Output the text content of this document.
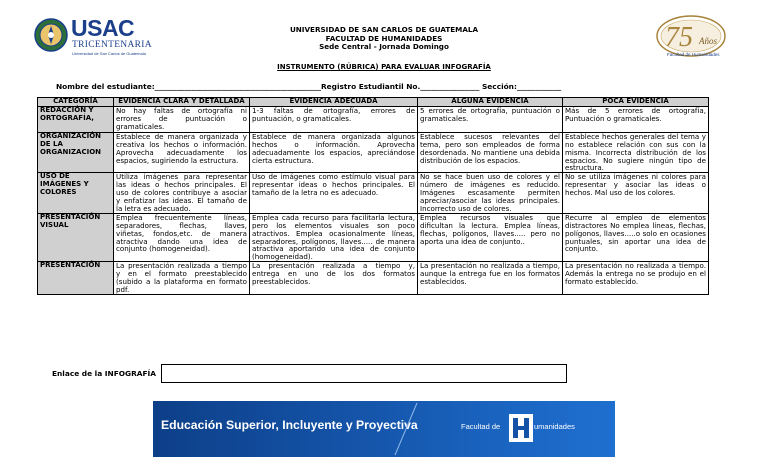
USAC
TRICENTENARIA
Universidad de San Carlos de Guatemala
UNIVERSIDAD DE SAN CARLOS DE GUATEMALA
FACULTAD DE HUMANIDADES
Sede Central - Jornada Domingo	75 Años
Facultad de Humanidades
INSTRUMENTO (RÚBRICA) PARA EVALUAR INFOGRAFÍA
Nombre del estudiante:_____________________________________________Registro Estudiantil No.________________ Sección:____________
CATEGORÍA	EVIDENCIA CLARA Y DETALLADA	EVIDENCIA ADECUADA	ALGUNA EVIDENCIA	POCA EVIDENCIA
REDACCIÓN Y ORTOGRAFÍA,	No hay faltas de ortografía ni errores de puntuación o gramaticales.	1-3 faltas de ortografía, errores de puntuación, o gramaticales.	5 errores de ortografía, puntuación o gramaticales.	Más de 5 errores de ortografía, Puntuación o gramaticales.
ORGANIZACIÓN DE LA ORGANIZACION	Establece de manera organizada y creativa los hechos o información. Aprovecha adecuadamente los espacios, sugiriendo la estructura.	Establece de manera organizada algunos hechos o información. Aprovecha adecuadamente los espacios, apreciándose cierta estructura.	Establece sucesos relevantes del tema, pero son empleados de forma desordenada. No mantiene una debida distribución de los espacios.	Establece hechos generales del tema y no establece relación con sus con la misma. Incorrecta distribución de los espacios. No sugiere ningún tipo de estructura.
USO DE IMÁGENES Y COLORES	Utiliza imágenes para representar las ideas o hechos principales. El uso de colores contribuye a asociar y enfatizar las ideas. El tamaño de la letra es adecuado.	Uso de imágenes como estímulo visual para representar ideas o hechos principales. El tamaño de la letra no es adecuado.	No se hace buen uso de colores y el número de imágenes es reducido. Imágenes escasamente permiten apreciar/asociar las ideas principales. Incorrecto uso de colores.	No se utiliza imágenes ni colores para representar y asociar las ideas o hechos. Mal uso de los colores.
PRESENTACIÓN VISUAL	Emplea frecuentemente líneas, separadores, flechas, llaves, viñetas, fondos,etc. de manera atractiva dando una idea de conjunto (homogeneidad).	Emplea cada recurso para facilitarla lectura, pero los elementos visuales son poco atractivos. Emplea ocasionalmente líneas, separadores, polígonos, llaves..... de manera atractiva aportando una idea de conjunto (homogeneidad).	Emplea recursos visuales que dificultan la lectura. Emplea líneas, flechas, polígonos, llaves..... pero no aporta una idea de conjunto..	Recurre al empleo de elementos distractores No emplea líneas, flechas, polígonos, llaves.....o solo en ocasiones puntuales, sin aportar una idea de conjunto.
PRESENTACIÓN	La presentación realizada a tiempo y en el formato preestablecido (subido a la plataforma en formato pdf.	La presentación realizada a tiempo y, entrega en uno de los dos formatos preestablecidos.	La presentación no realizada a tiempo, aunque la entrega fue en los formatos establecidos.	La presentación no realizada a tiempo. Además la entrega no se produjo en el formato establecido.
Enlace de la INFOGRAFÍA
Educación Superior, Incluyente y Proyectiva	Facultad de	umanidades
